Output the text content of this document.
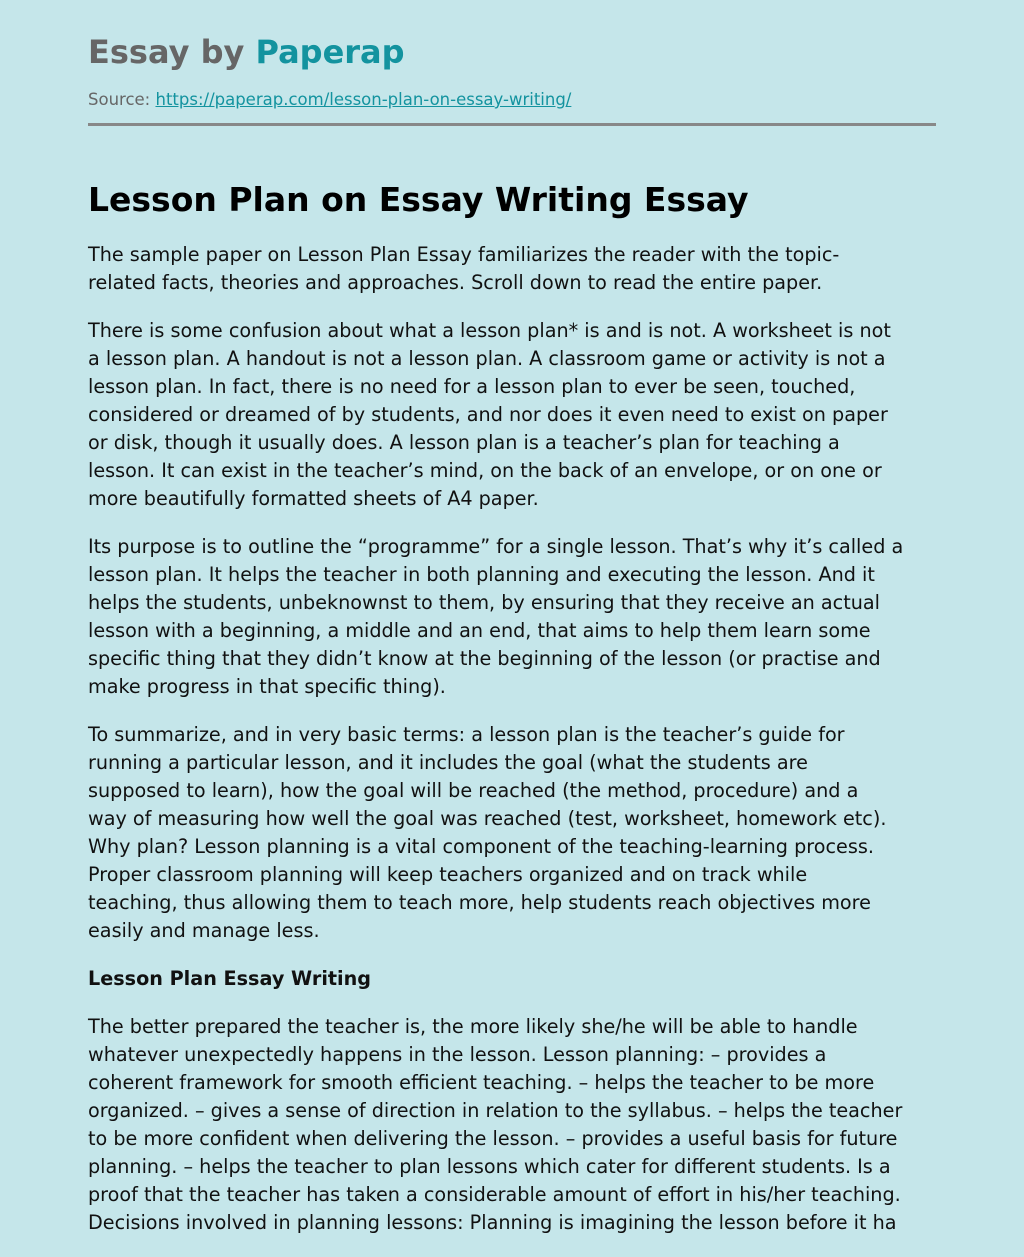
Essay by Paperap
Source: https://paperap.com/lesson-plan-on-essay-writing/
Lesson Plan on Essay Writing Essay

The sample paper on Lesson Plan Essay familiarizes the reader with the topic-
related facts, theories and approaches. Scroll down to read the entire paper.

There is some confusion about what a lesson plan* is and is not. A worksheet is not
a lesson plan. A handout is not a lesson plan. A classroom game or activity is not a
lesson plan. In fact, there is no need for a lesson plan to ever be seen, touched,
considered or dreamed of by students, and nor does it even need to exist on paper
or disk, though it usually does. A lesson plan is a teacher’s plan for teaching a
lesson. It can exist in the teacher’s mind, on the back of an envelope, or on one or
more beautifully formatted sheets of A4 paper.

Its purpose is to outline the “programme” for a single lesson. That’s why it’s called a
lesson plan. It helps the teacher in both planning and executing the lesson. And it
helps the students, unbeknownst to them, by ensuring that they receive an actual
lesson with a beginning, a middle and an end, that aims to help them learn some
specific thing that they didn’t know at the beginning of the lesson (or practise and
make progress in that specific thing).

To summarize, and in very basic terms: a lesson plan is the teacher’s guide for
running a particular lesson, and it includes the goal (what the students are
supposed to learn), how the goal will be reached (the method, procedure) and a
way of measuring how well the goal was reached (test, worksheet, homework etc).
Why plan? Lesson planning is a vital component of the teaching-learning process.
Proper classroom planning will keep teachers organized and on track while
teaching, thus allowing them to teach more, help students reach objectives more
easily and manage less.

Lesson Plan Essay Writing

The better prepared the teacher is, the more likely she/he will be able to handle
whatever unexpectedly happens in the lesson. Lesson planning: – provides a
coherent framework for smooth efficient teaching. – helps the teacher to be more
organized. – gives a sense of direction in relation to the syllabus. – helps the teacher
to be more confident when delivering the lesson. – provides a useful basis for future
planning. – helps the teacher to plan lessons which cater for different students. Is a
proof that the teacher has taken a considerable amount of effort in his/her teaching.
Decisions involved in planning lessons: Planning is imagining the lesson before it ha
